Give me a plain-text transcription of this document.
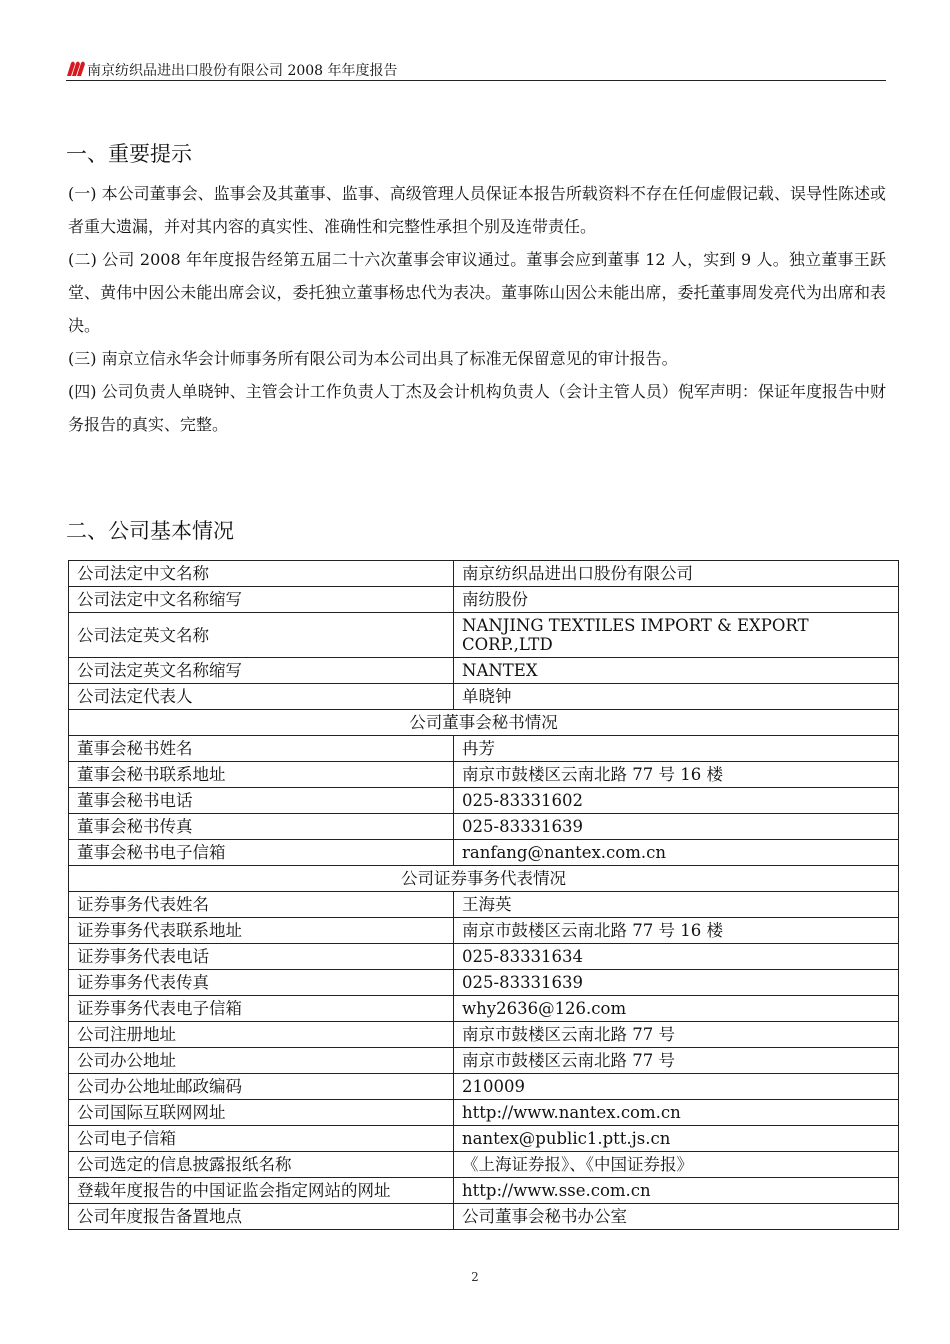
南京纺织品进出口股份有限公司 2008 年年度报告
一、重要提示

(一) 本公司董事会、监事会及其董事、监事、高级管理人员保证本报告所载资料不存在任何虚假记载、误导性陈述或者重大遗漏，并对其内容的真实性、准确性和完整性承担个别及连带责任。

(二) 公司 2008 年年度报告经第五届二十六次董事会审议通过。董事会应到董事 12 人，实到 9 人。独立董事王跃堂、黄伟中因公未能出席会议，委托独立董事杨忠代为表决。董事陈山因公未能出席，委托董事周发亮代为出席和表决。

(三) 南京立信永华会计师事务所有限公司为本公司出具了标准无保留意见的审计报告。

(四) 公司负责人单晓钟、主管会计工作负责人丁杰及会计机构负责人（会计主管人员）倪军声明：保证年度报告中财务报告的真实、完整。

二、公司基本情况
公司法定中文名称	南京纺织品进出口股份有限公司
公司法定中文名称缩写	南纺股份
公司法定英文名称	NANJING TEXTILES IMPORT & EXPORT CORP.,LTD
公司法定英文名称缩写	NANTEX
公司法定代表人	单晓钟
公司董事会秘书情况	
董事会秘书姓名	冉芳
董事会秘书联系地址	南京市鼓楼区云南北路 77 号 16 楼
董事会秘书电话	025-83331602
董事会秘书传真	025-83331639
董事会秘书电子信箱	ranfang@nantex.com.cn
公司证券事务代表情况	
证券事务代表姓名	王海英
证券事务代表联系地址	南京市鼓楼区云南北路 77 号 16 楼
证券事务代表电话	025-83331634
证券事务代表传真	025-83331639
证券事务代表电子信箱	why2636@126.com
公司注册地址	南京市鼓楼区云南北路 77 号
公司办公地址	南京市鼓楼区云南北路 77 号
公司办公地址邮政编码	210009
公司国际互联网网址	http://www.nantex.com.cn
公司电子信箱	nantex@public1.ptt.js.cn
公司选定的信息披露报纸名称	《上海证券报》、《中国证券报》
登载年度报告的中国证监会指定网站的网址	http://www.sse.com.cn
公司年度报告备置地点	公司董事会秘书办公室
2
